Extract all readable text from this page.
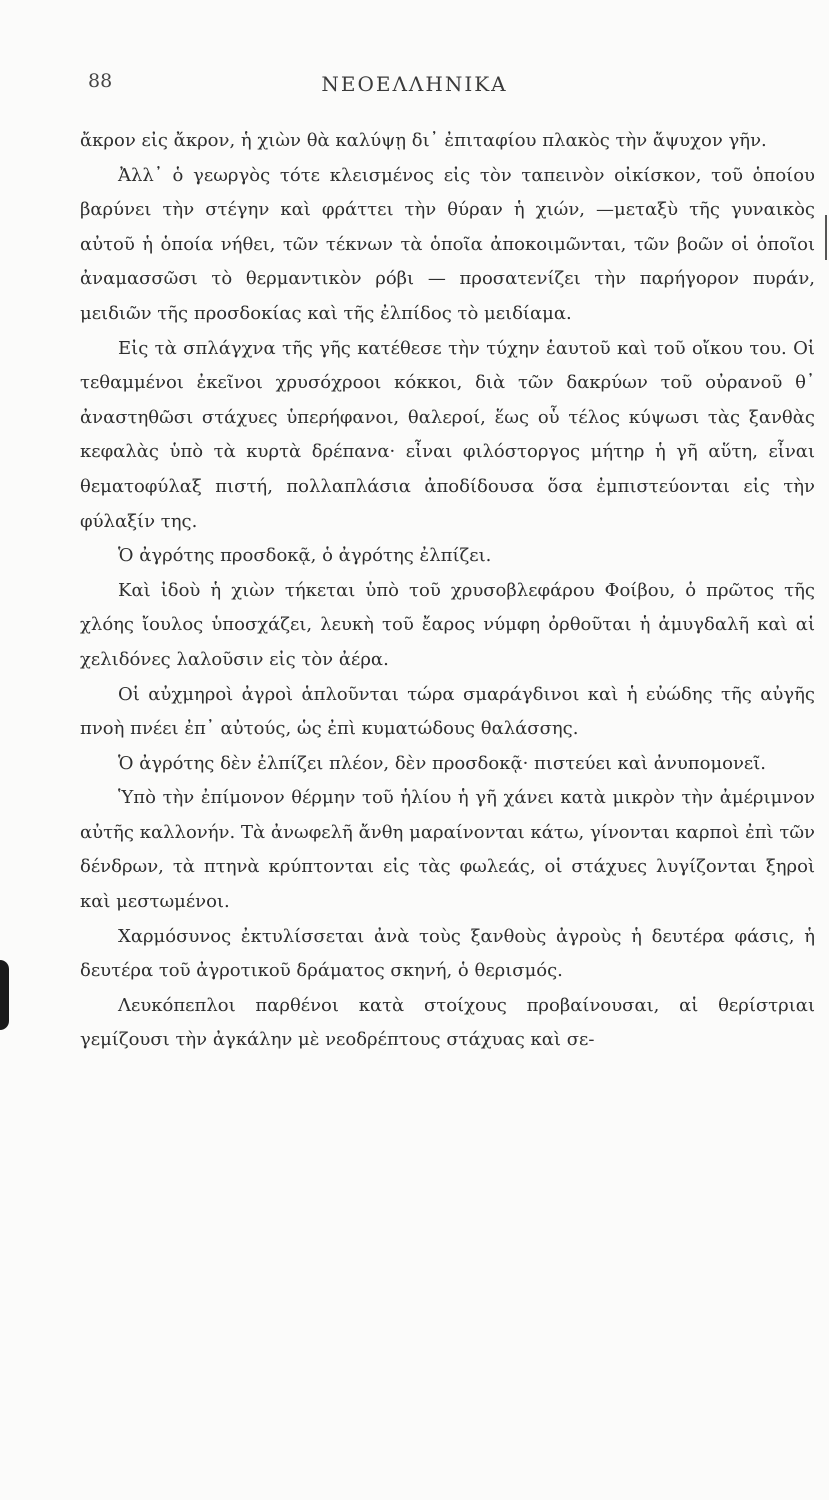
88	ΝΕΟΕΛΛΗΝΙΚΑ

ἄκρον εἰς ἄκρον, ἡ χιὼν θὰ καλύψῃ δι᾿ ἐπιταφίου πλακὸς τὴν ἄψυχον γῆν.

Ἀλλ᾿ ὁ γεωργὸς τότε κλεισμένος εἰς τὸν ταπεινὸν οἰκίσκον, τοῦ ὁποίου βαρύνει τὴν στέγην καὶ φράττει τὴν θύραν ἡ χιών, —μεταξὺ τῆς γυναικὸς αὐτοῦ ἡ ὁποία νήθει, τῶν τέκνων τὰ ὁποῖα ἀποκοιμῶνται, τῶν βοῶν οἱ ὁποῖοι ἀναμασσῶσι τὸ θερμαντικὸν ρόβι — προσατενίζει τὴν παρήγορον πυράν, μειδιῶν τῆς προσδοκίας καὶ τῆς ἐλπίδος τὸ μειδίαμα.

Εἰς τὰ σπλάγχνα τῆς γῆς κατέθεσε τὴν τύχην ἑαυτοῦ καὶ τοῦ οἴκου του. Οἱ τεθαμμένοι ἐκεῖνοι χρυσόχροοι κόκκοι, διὰ τῶν δακρύων τοῦ οὐρανοῦ θ᾿ ἀναστηθῶσι στάχυες ὑπερήφανοι, θαλεροί, ἕως οὗ τέλος κύψωσι τὰς ξανθὰς κεφαλὰς ὑπὸ τὰ κυρτὰ δρέπανα· εἶναι φιλόστοργος μήτηρ ἡ γῆ αὕτη, εἶναι θεματοφύλαξ πιστή, πολλαπλάσια ἀποδίδουσα ὅσα ἐμπιστεύονται εἰς τὴν φύλαξίν της.

Ὁ ἀγρότης προσδοκᾷ, ὁ ἀγρότης ἐλπίζει.

Καὶ ἰδοὺ ἡ χιὼν τήκεται ὑπὸ τοῦ χρυσοβλεφάρου Φοίβου, ὁ πρῶτος τῆς χλόης ἴουλος ὑποσχάζει, λευκὴ τοῦ ἔαρος νύμφη ὀρθοῦται ἡ ἀμυγδαλῆ καὶ αἱ χελιδόνες λαλοῦσιν εἰς τὸν ἀέρα.

Οἱ αὐχμηροὶ ἀγροὶ ἁπλοῦνται τώρα σμαράγδινοι καὶ ἡ εὐώδης τῆς αὐγῆς πνοὴ πνέει ἐπ᾿ αὐτούς, ὡς ἐπὶ κυματώδους θαλάσσης.

Ὁ ἀγρότης δὲν ἐλπίζει πλέον, δὲν προσδοκᾷ· πιστεύει καὶ ἀνυπομονεῖ.

Ὑπὸ τὴν ἐπίμονον θέρμην τοῦ ἡλίου ἡ γῆ χάνει κατὰ μικρὸν τὴν ἀμέριμνον αὐτῆς καλλονήν. Τὰ ἀνωφελῆ ἄνθη μαραίνονται κάτω, γίνονται καρποὶ ἐπὶ τῶν δένδρων, τὰ πτηνὰ κρύπτονται εἰς τὰς φωλεάς, οἱ στάχυες λυγίζονται ξηροὶ καὶ μεστωμένοι.

Χαρμόσυνος ἐκτυλίσσεται ἀνὰ τοὺς ξανθοὺς ἀγροὺς ἡ δευτέρα φάσις, ἡ δευτέρα τοῦ ἀγροτικοῦ δράματος σκηνή, ὁ θερισμός.

Λευκόπεπλοι παρθένοι κατὰ στοίχους προβαίνουσαι, αἱ θερίστριαι γεμίζουσι τὴν ἀγκάλην μὲ νεοδρέπτους στάχυας καὶ σε-
